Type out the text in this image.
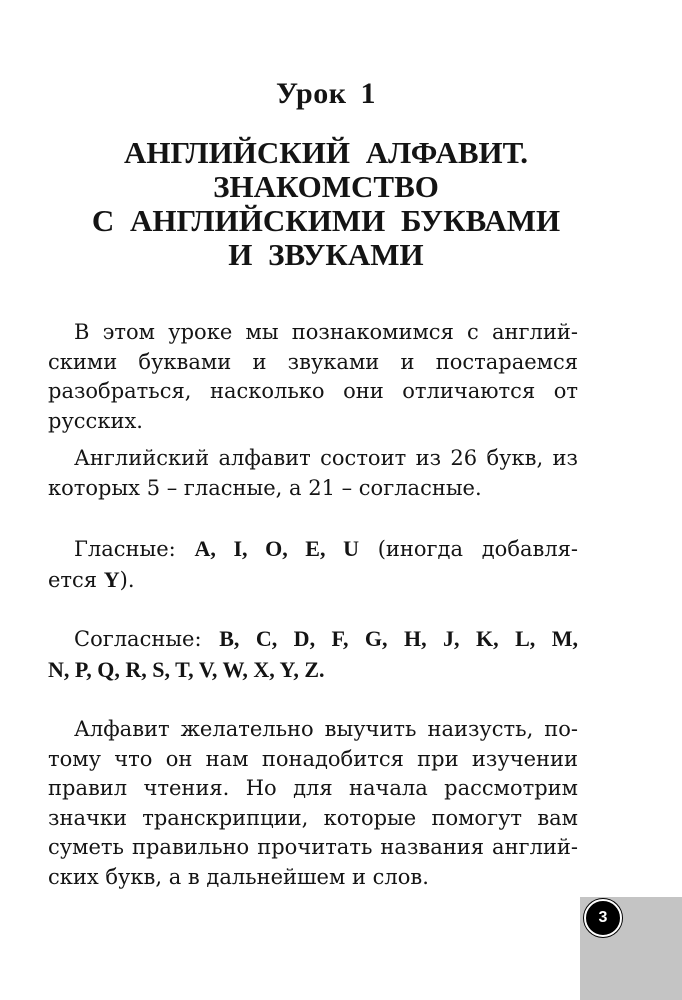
Урок 1
АНГЛИЙСКИЙ АЛФАВИТ.
ЗНАКОМСТВО
С АНГЛИЙСКИМИ БУКВАМИ
И ЗВУКАМИ
В этом уроке мы познакомимся с англий-
скими буквами и звуками и постараемся
разобраться, насколько они отличаются от
русских.
Английский алфавит состоит из 26 букв, из
которых 5 – гласные, а 21 – согласные.
Гласные: A, I, O, E, U (иногда добавля-
ется Y).
Согласные: B, C, D, F, G, H, J, K, L, M,
N, P, Q, R, S, T, V, W, X, Y, Z.
Алфавит желательно выучить наизусть, по-
тому что он нам понадобится при изучении
правил чтения. Но для начала рассмотрим
значки транскрипции, которые помогут вам
суметь правильно прочитать названия англий-
ских букв, а в дальнейшем и слов.
3
